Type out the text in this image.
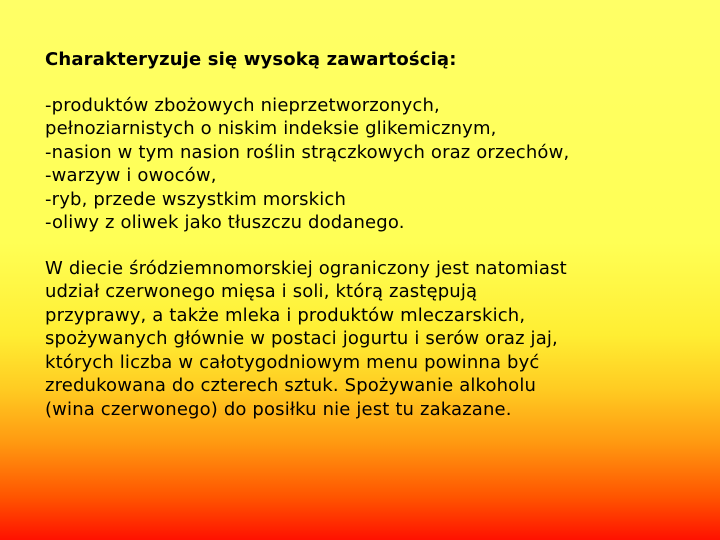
Charakteryzuje się wysoką zawartością:
-produktów zbożowych nieprzetworzonych,
pełnoziarnistych o niskim indeksie glikemicznym,
-nasion w tym nasion roślin strączkowych oraz orzechów,
-warzyw i owoców,
-ryb, przede wszystkim morskich
-oliwy z oliwek jako tłuszczu dodanego.

W diecie śródziemnomorskiej ograniczony jest natomiast

udział czerwonego mięsa i soli, którą zastępują

przyprawy, a także mleka i produktów mleczarskich,

spożywanych głównie w postaci jogurtu i serów oraz jaj,

których liczba w całotygodniowym menu powinna być

zredukowana do czterech sztuk. Spożywanie alkoholu

(wina czerwonego) do posiłku nie jest tu zakazane.
